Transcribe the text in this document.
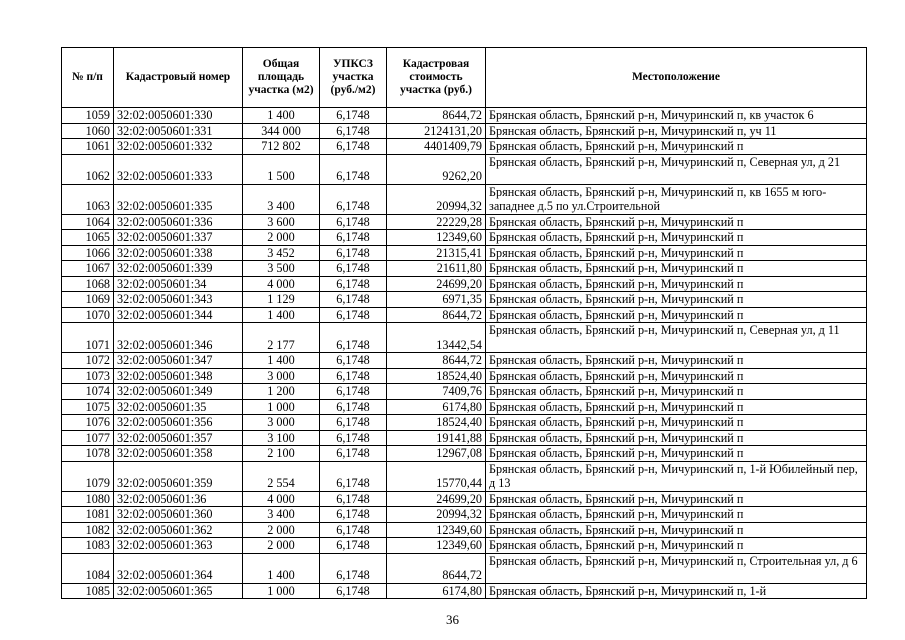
№ п/п	Кадастровый номер	Общая площадь участка (м2)	УПКСЗ участка (руб./м2)	Кадастровая стоимость участка (руб.)	Местоположение
1059	32:02:0050601:330	1 400	6,1748	8644,72	Брянская область, Брянский р-н, Мичуринский п, кв участок 6
1060	32:02:0050601:331	344 000	6,1748	2124131,20	Брянская область, Брянский р-н, Мичуринский п, уч 11
1061	32:02:0050601:332	712 802	6,1748	4401409,79	Брянская область, Брянский р-н, Мичуринский п
1062	32:02:0050601:333	1 500	6,1748	9262,20	Брянская область, Брянский р-н, Мичуринский п, Северная ул, д 21
1063	32:02:0050601:335	3 400	6,1748	20994,32	Брянская область, Брянский р-н, Мичуринский п, кв 1655 м юго-западнее д.5 по ул.Строительной
1064	32:02:0050601:336	3 600	6,1748	22229,28	Брянская область, Брянский р-н, Мичуринский п
1065	32:02:0050601:337	2 000	6,1748	12349,60	Брянская область, Брянский р-н, Мичуринский п
1066	32:02:0050601:338	3 452	6,1748	21315,41	Брянская область, Брянский р-н, Мичуринский п
1067	32:02:0050601:339	3 500	6,1748	21611,80	Брянская область, Брянский р-н, Мичуринский п
1068	32:02:0050601:34	4 000	6,1748	24699,20	Брянская область, Брянский р-н, Мичуринский п
1069	32:02:0050601:343	1 129	6,1748	6971,35	Брянская область, Брянский р-н, Мичуринский п
1070	32:02:0050601:344	1 400	6,1748	8644,72	Брянская область, Брянский р-н, Мичуринский п
1071	32:02:0050601:346	2 177	6,1748	13442,54	Брянская область, Брянский р-н, Мичуринский п, Северная ул, д 11
1072	32:02:0050601:347	1 400	6,1748	8644,72	Брянская область, Брянский р-н, Мичуринский п
1073	32:02:0050601:348	3 000	6,1748	18524,40	Брянская область, Брянский р-н, Мичуринский п
1074	32:02:0050601:349	1 200	6,1748	7409,76	Брянская область, Брянский р-н, Мичуринский п
1075	32:02:0050601:35	1 000	6,1748	6174,80	Брянская область, Брянский р-н, Мичуринский п
1076	32:02:0050601:356	3 000	6,1748	18524,40	Брянская область, Брянский р-н, Мичуринский п
1077	32:02:0050601:357	3 100	6,1748	19141,88	Брянская область, Брянский р-н, Мичуринский п
1078	32:02:0050601:358	2 100	6,1748	12967,08	Брянская область, Брянский р-н, Мичуринский п
1079	32:02:0050601:359	2 554	6,1748	15770,44	Брянская область, Брянский р-н, Мичуринский п, 1-й Юбилейный пер, д 13
1080	32:02:0050601:36	4 000	6,1748	24699,20	Брянская область, Брянский р-н, Мичуринский п
1081	32:02:0050601:360	3 400	6,1748	20994,32	Брянская область, Брянский р-н, Мичуринский п
1082	32:02:0050601:362	2 000	6,1748	12349,60	Брянская область, Брянский р-н, Мичуринский п
1083	32:02:0050601:363	2 000	6,1748	12349,60	Брянская область, Брянский р-н, Мичуринский п
1084	32:02:0050601:364	1 400	6,1748	8644,72	Брянская область, Брянский р-н, Мичуринский п, Строительная ул, д 6
1085	32:02:0050601:365	1 000	6,1748	6174,80	Брянская область, Брянский р-н, Мичуринский п, 1-й
36
